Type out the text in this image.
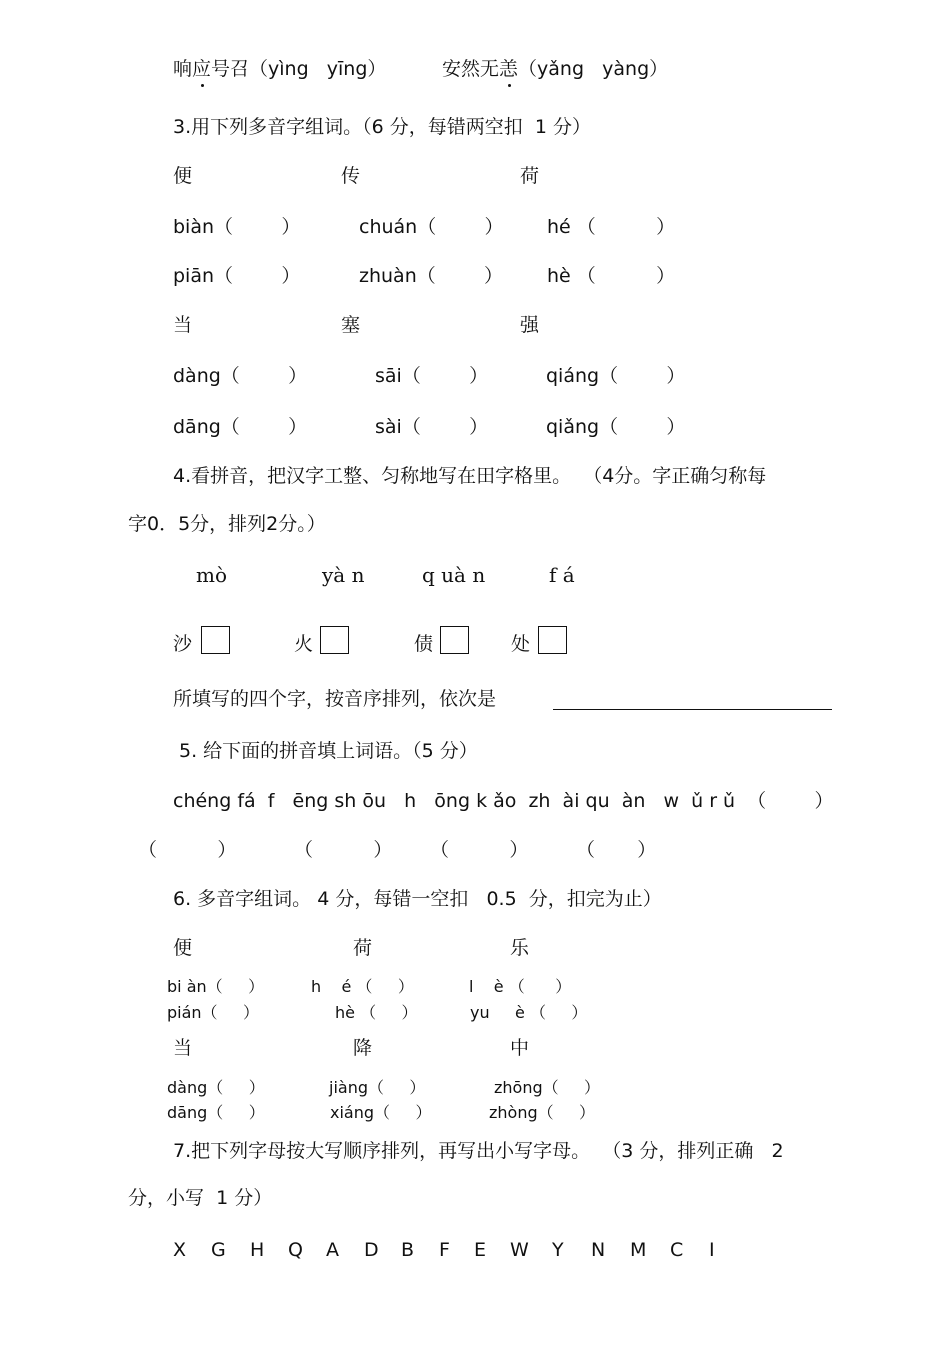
响应号召（yìng   yīng）	安然无恙（yǎng   yàng）
3.用下列多音字组词。（6 分，每错两空扣  1 分）
便	传	荷
biàn（        ）	chuán（        ） hé （          ）
piān（        ）	zhuàn（        ） hè （          ）
当	塞	强
dàng（        ）	sāi（        ）	qiáng（        ）
dāng（        ）	sài（        ）	qiǎng（        ）
4.看拼音，把汉字工整、匀称地写在田字格里。  （4分。字正确匀称每
字0．5分，排列2分。）
mò	yà n	q uà n	f á
沙	火	债	处
所填写的四个字，按音序排列，依次是
5. 给下面的拼音填上词语。（5 分）
chéng fá  f   ēng sh ōu   h   ōng k ǎo  zh  ài qu  àn   w  ǔ r ǔ  （        ）
（          ）	（          ） （          ）	（       ）
6. 多音字组词。 4 分，每错一空扣   0.5  分，扣完为止）
便	荷	乐
bi àn（     ）	h    é （     ）	l    è （      ）
pián（     ）	hè （     ）	yu     è （     ）
当	降	中
dàng（     ）	jiàng（     ）	zhōng（     ）
dāng（     ）	xiáng（     ）	zhòng（     ）
7.把下列字母按大写顺序排列，再写出小写字母。  （3 分，排列正确   2
分，小写  1 分）
X G H Q A D B F E W Y N M C I
